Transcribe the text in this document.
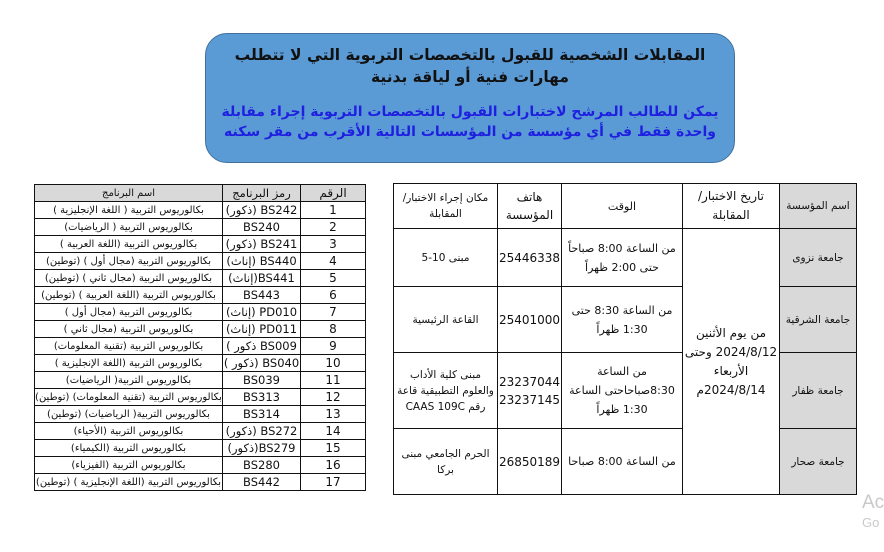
المقابلات الشخصية للقبول بالتخصصات التربوية التي لا تتطلب مهارات فنية أو لياقة بدنية
يمكن للطالب المرشح لاختبارات القبول بالتخصصات التربوية إجراء مقابلة واحدة فقط في أي مؤسسة من المؤسسات التالية الأقرب من مقر سكنه
الرقم	رمز البرنامج	اسم البرنامج
1	BS242 (ذكور)	بكالوريوس التربية ( اللغة الإنجليزية )
2	BS240	بكالوريوس التربية ( الرياضيات)
3	BS241 (ذكور)	بكالوريوس التربية (اللغة العربية )
4	BS440 (إناث)	بكالوريوس التربية (مجال أول ) (توطين)
5	BS441(إناث)	بكالوريوس التربية (مجال ثاني ) (توطين)
6	BS443	بكالوريوس التربية (اللغة العربية ) (توطين)
7	PD010 (إناث)	بكالوريوس التربية (مجال أول )
8	PD011 (إناث)	بكالوريوس التربية (مجال ثاني )
9	BS009 ذكور )	بكالوريوس التربية (تقنية المعلومات)
10	BS040 (ذكور )	بكالوريوس التربية (اللغة الإنجليزية )
11	BS039	بكالوريوس التربية( الرياضيات)
12	BS313	بكالوريوس التربية (تقنية المعلومات) (توطين)
13	BS314	بكالوريوس التربية( الرياضيات) (توطين)
14	BS272 (ذكور)	بكالوريوس التربية (الأحياء)
15	BS279(ذكور)	بكالوريوس التربية (الكيمياء)
16	BS280	بكالوريوس التربية (الفيزياء)
17	BS442	بكالوريوس التربية (اللغة الإنجليزية ) (توطين)
اسم المؤسسة	تاريخ الاختبار/المقابلة	الوقت	هاتف المؤسسة	مكان إجراء الاختبار/المقابلة
جامعة نزوى	من يوم الأثنين 2024/8/12 وحتى الأربعاء 2024/8/14م	من الساعة 8:00 صباحاً حتى 2:00 ظهراً	25446338	مبنى 10-5
جامعة الشرقية		من الساعة 8:30 حتى 1:30 ظهراً	25401000	القاعة الرئيسية
جامعة ظفار		من الساعة 8:30صباحاحتى الساعة 1:30 ظهراً	23237044 23237145	مبنى كلية الأداب والعلوم التطبيقية قاعة رقم CAAS 109C
جامعة صحار		من الساعة 8:00 صباحا	26850189	الحرم الجامعي مبنى بركا
Ac
Go
